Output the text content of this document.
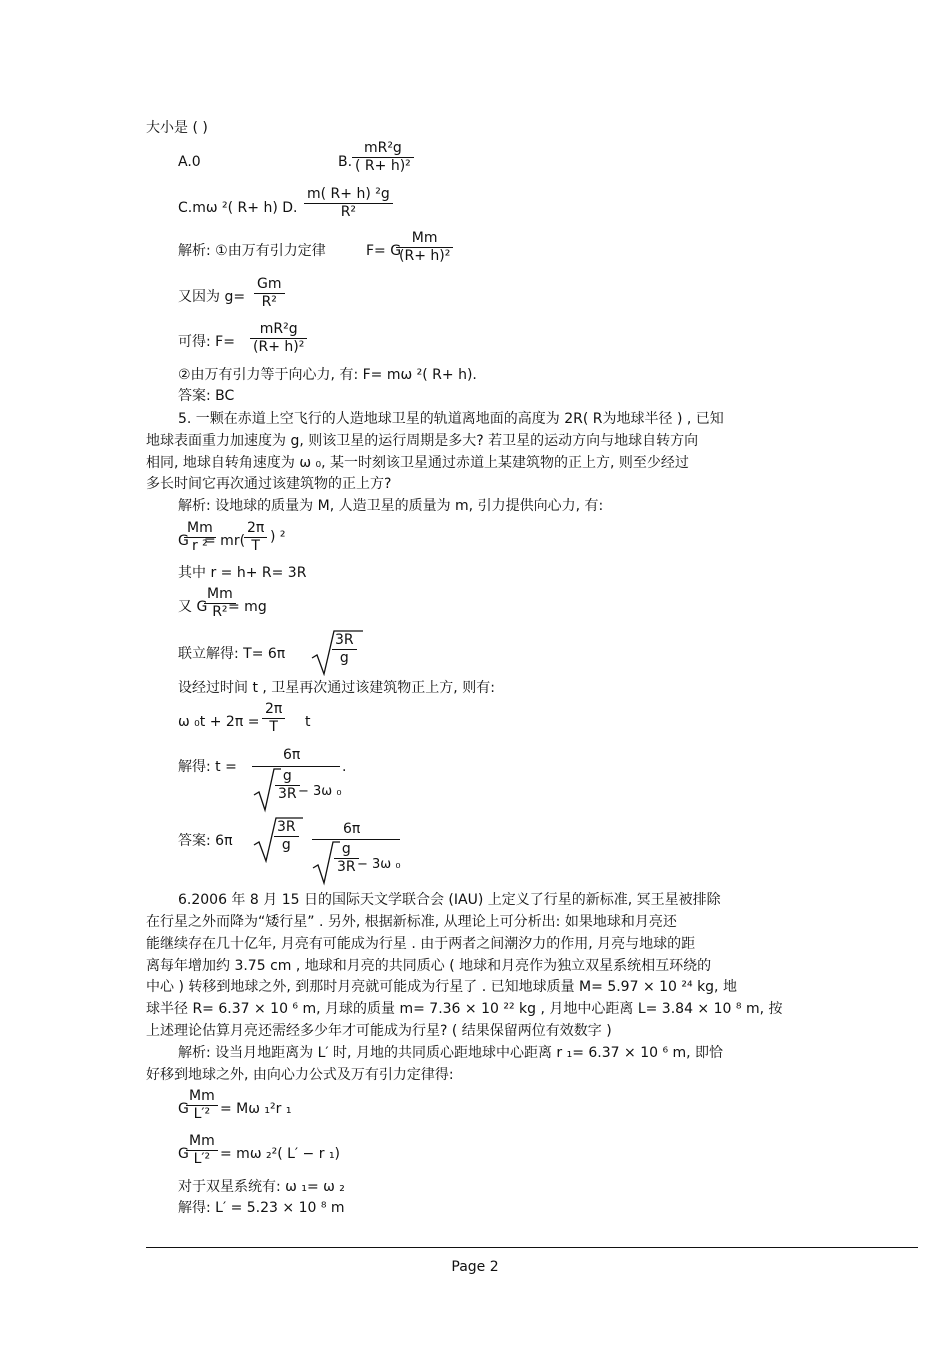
大小是 ( )
A.0	B. $\frac{\text{mR²g}}{\text{( R+ h)²}}$
C.mω ²( R+ h) D. $\frac{\text{m( R+ h) ²g}}{\text{R²}}$
解析: ①由万有引力定律	F= G
$\frac{Mm}{\text{(R+ h)²}}$
又因为 $g= \frac{Gm}{\text{R²}}$
可得: $F= \frac{\text{mR²g}}{\text{(R+ h)²}}$
②由万有引力等于向心力, 有: F= mω ²( R+ h).
答案: BC
5. 一颗在赤道上空飞行的人造地球卫星的轨道离地面的高度为 2R( R为地球半径 ) , 已知
地球表面重力加速度为 g, 则该卫星的运行周期是多大? 若卫星的运动方向与地球自转方向
相同, 地球自转角速度为 ω ₀, 某一时刻该卫星通过赤道上某建筑物的正上方, 则至少经过
多长时间它再次通过该建筑物的正上方?
解析: 设地球的质量为 M, 人造卫星的质量为 m, 引力提供向心力, 有:
G
$\frac{Mm}{\text{r ²}}$
= mr(
$\frac{2\pi}{T}$ ) ²
其中 r = h+ R= 3R
又 G
$\frac{Mm}{\text{R²}}$
= mg
联立解得: T= 6π	$\frac{3R}{g}$
设经过时间 t , 卫星再次通过该建筑物正上方, 则有:
ω $_0t + 2\pi = \frac{2\pi}{T}$ t
解得: t =
6π
$\frac{g}{3R}$
− 3ω ₀
.
答案: 6π	$\frac{3R}{g}$	6π
$\frac{g}{3R}$
− 3ω ₀
6.2006 年 8 月 15 日的国际天文学联合会 (IAU) 上定义了行星的新标准, 冥王星被排除
在行星之外而降为“矮行星” . 另外, 根据新标准, 从理论上可分析出: 如果地球和月亮还
能继续存在几十亿年, 月亮有可能成为行星 . 由于两者之间潮汐力的作用, 月亮与地球的距
离每年增加约 3.75 cm , 地球和月亮的共同质心 ( 地球和月亮作为独立双星系统相互环绕的
中心 ) 转移到地球之外, 到那时月亮就可能成为行星了 . 已知地球质量 M= 5.97 × 10 ²⁴ kg, 地
球半径 R= 6.37 × 10 ⁶ m, 月球的质量 m= 7.36 × 10 ²² kg , 月地中心距离 L= 3.84 × 10 ⁸ m, 按
上述理论估算月亮还需经多少年才可能成为行星? ( 结果保留两位有效数字 )
解析: 设当月地距离为 L′ 时, 月地的共同质心距地球中心距离 r ₁= 6.37 × 10 ⁶ m, 即恰
好移到地球之外, 由向心力公式及万有引力定律得:
G
$\frac{Mm}{\text{L′²}} = M\omega$ ₁²r ₁
G
$\frac{Mm}{\text{L′²}} = m\omega$ ₂²( L′ − r ₁)
对于双星系统有: ω ₁= ω ₂
解得: L′ = 5.23 × 10 ⁸ m
Page 2
